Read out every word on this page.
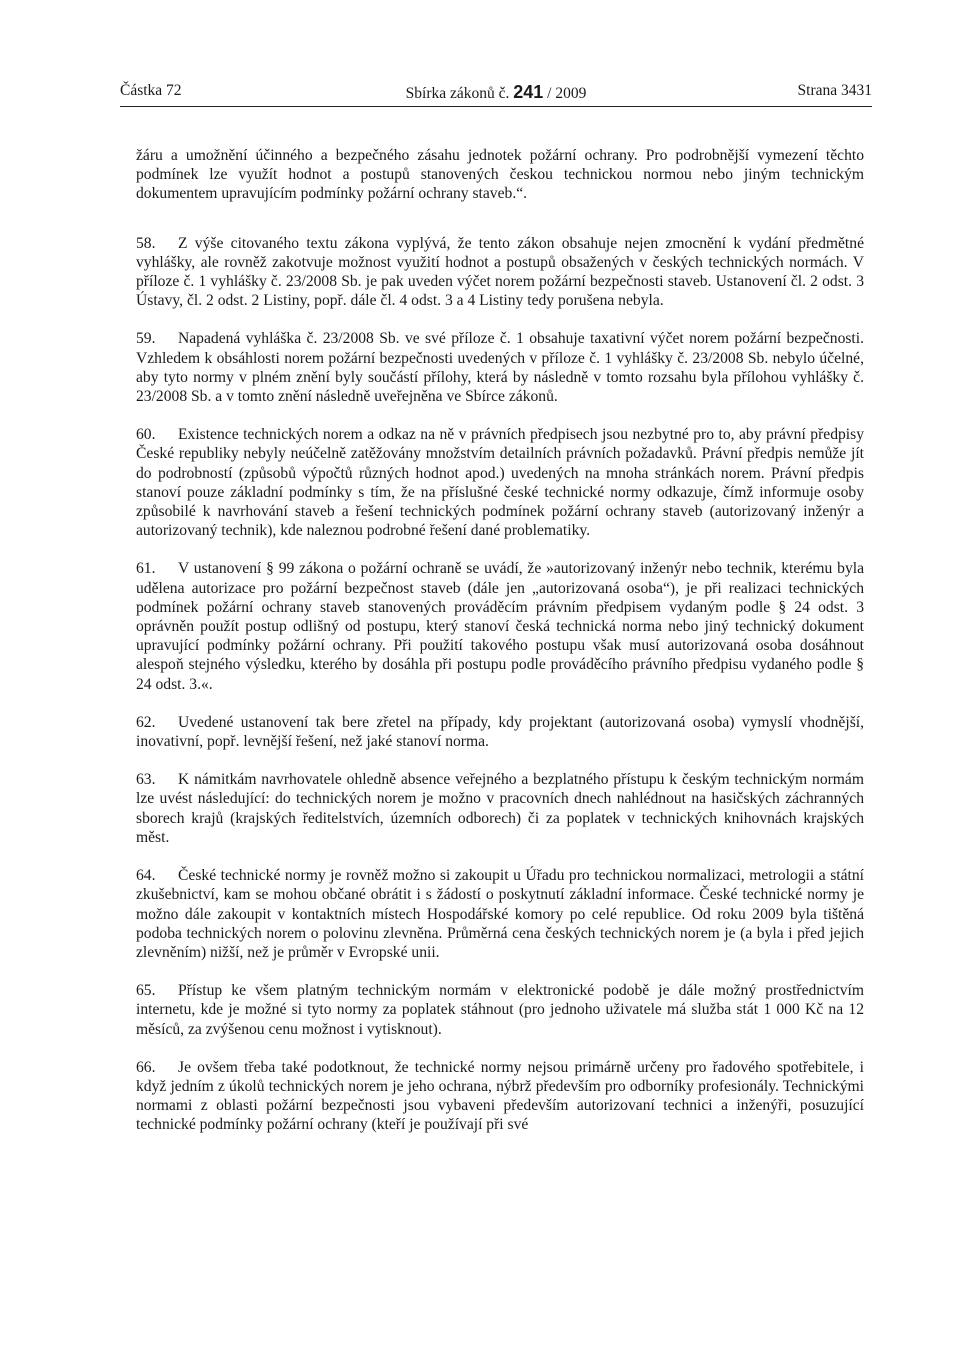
Částka 72	Sbírka zákonů č. 241 / 2009	Strana 3431

žáru a umožnění účinného a bezpečného zásahu jednotek požární ochrany. Pro podrobnější vymezení těchto podmínek lze využít hodnot a postupů stanovených českou technickou normou nebo jiným technickým dokumentem upravujícím podmínky požární ochrany staveb.“.

58. Z výše citovaného textu zákona vyplývá, že tento zákon obsahuje nejen zmocnění k vydání předmětné vyhlášky, ale rovněž zakotvuje možnost využití hodnot a postupů obsažených v českých technických normách. V příloze č. 1 vyhlášky č. 23/2008 Sb. je pak uveden výčet norem požární bezpečnosti staveb. Ustanovení čl. 2 odst. 3 Ústavy, čl. 2 odst. 2 Listiny, popř. dále čl. 4 odst. 3 a 4 Listiny tedy porušena nebyla.

59. Napadená vyhláška č. 23/2008 Sb. ve své příloze č. 1 obsahuje taxativní výčet norem požární bezpečnosti. Vzhledem k obsáhlosti norem požární bezpečnosti uvedených v příloze č. 1 vyhlášky č. 23/2008 Sb. nebylo účelné, aby tyto normy v plném znění byly součástí přílohy, která by následně v tomto rozsahu byla přílohou vyhlášky č. 23/2008 Sb. a v tomto znění následně uveřejněna ve Sbírce zákonů.

60. Existence technických norem a odkaz na ně v právních předpisech jsou nezbytné pro to, aby právní předpisy České republiky nebyly neúčelně zatěžovány množstvím detailních právních požadavků. Právní předpis nemůže jít do podrobností (způsobů výpočtů různých hodnot apod.) uvedených na mnoha stránkách norem. Právní předpis stanoví pouze základní podmínky s tím, že na příslušné české technické normy odkazuje, čímž informuje osoby způsobilé k navrhování staveb a řešení technických podmínek požární ochrany staveb (autorizovaný inženýr a autorizovaný technik), kde naleznou podrobné řešení dané problematiky.

61. V ustanovení § 99 zákona o požární ochraně se uvádí, že »autorizovaný inženýr nebo technik, kterému byla udělena autorizace pro požární bezpečnost staveb (dále jen „autorizovaná osoba“), je při realizaci technických podmínek požární ochrany staveb stanovených prováděcím právním předpisem vydaným podle § 24 odst. 3 oprávněn použít postup odlišný od postupu, který stanoví česká technická norma nebo jiný technický dokument upravující podmínky požární ochrany. Při použití takového postupu však musí autorizovaná osoba dosáhnout alespoň stejného výsledku, kterého by dosáhla při postupu podle prováděcího právního předpisu vydaného podle § 24 odst. 3.«.

62. Uvedené ustanovení tak bere zřetel na případy, kdy projektant (autorizovaná osoba) vymyslí vhodnější, inovativní, popř. levnější řešení, než jaké stanoví norma.

63. K námitkám navrhovatele ohledně absence veřejného a bezplatného přístupu k českým technickým normám lze uvést následující: do technických norem je možno v pracovních dnech nahlédnout na hasičských záchranných sborech krajů (krajských ředitelstvích, územních odborech) či za poplatek v technických knihovnách krajských měst.

64. České technické normy je rovněž možno si zakoupit u Úřadu pro technickou normalizaci, metrologii a státní zkušebnictví, kam se mohou občané obrátit i s žádostí o poskytnutí základní informace. České technické normy je možno dále zakoupit v kontaktních místech Hospodářské komory po celé republice. Od roku 2009 byla tištěná podoba technických norem o polovinu zlevněna. Průměrná cena českých technických norem je (a byla i před jejich zlevněním) nižší, než je průměr v Evropské unii.

65. Přístup ke všem platným technickým normám v elektronické podobě je dále možný prostřednictvím internetu, kde je možné si tyto normy za poplatek stáhnout (pro jednoho uživatele má služba stát 1 000 Kč na 12 měsíců, za zvýšenou cenu možnost i vytisknout).

66. Je ovšem třeba také podotknout, že technické normy nejsou primárně určeny pro řadového spotřebitele, i když jedním z úkolů technických norem je jeho ochrana, nýbrž především pro odborníky profesionály. Technickými normami z oblasti požární bezpečnosti jsou vybaveni především autorizovaní technici a inženýři, posuzující technické podmínky požární ochrany (kteří je používají při své
